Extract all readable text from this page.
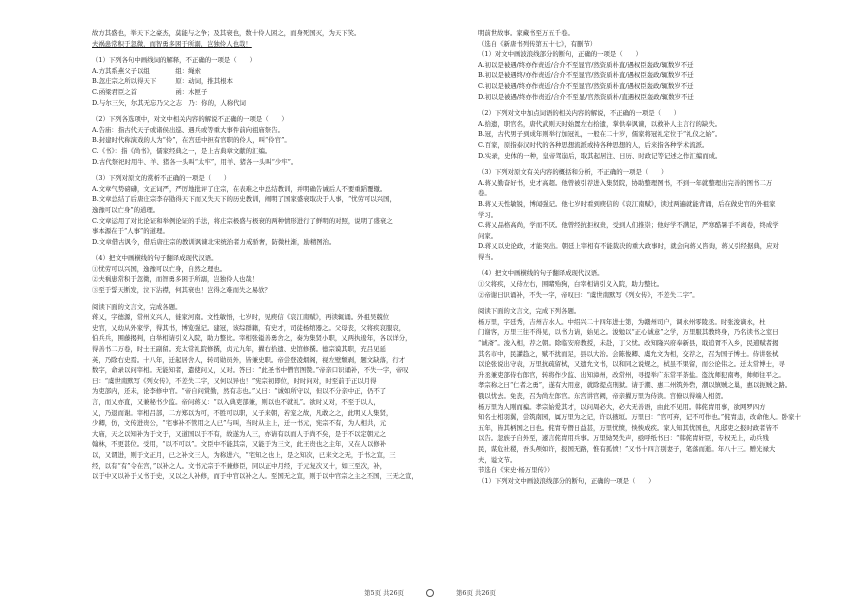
故方其盛也，举天下之豪杰，莫能与之争；及其衰也，数十伶人困之，而身死国灭，为天下笑。
夫祸患常积于忽微，而智勇多困于所溺，岂独伶人也哉！
（1）下列各句中画线词的解释，不正确的一项是（　　）
A.方其系燕父子以组　　　　组：绳索
B.忽庄宗之所以得天下　　　原：动词，推其根本
C.函梁君臣之首　　　　　　函：木匣子
D.与尔三矢，尔其无忘乃父之志　乃：你的，人称代词
（2）下列各选项中，对文中相关内容的解说不正确的一项是（　　）
A.告庙：指古代天子或诸侯出巡、遇兵或等重大事件前向祖庙祭告。
B.封建时代称演戏的人为“伶”，在宫廷中担有官职的伶人，叫“伶官”。
C.《书》：指《尚书》，儒家经典之一，是上古典章文献的汇编。
D.古代祭祀时用牛、羊、猪各一头叫“太牢”，用羊、猪各一头叫“少牢”。
（3）下列对原文的赏析不正确的一项是（　　）
A.文章气势磅礴，文正词严，严厉地批评了庄宗，在表难之中总结教训，并明确告诫后人不要重蹈覆辙。
B.文章总结了后唐庄宗李存勖得天下而又失天下的历史教训，阐明了国家盛衰取决于人事，“忧劳可以兴国，
逸豫可以亡身”的道理。
C.文章运用了对比论证和举例论证的手法，将庄宗极盛与极衰的两种情形进行了鲜明的对照，说明了盛衰之
事本源在于“人事”的道理。
D.文章借古讽今，借后唐庄宗的教训讽谏北宋统治者力戒骄奢，防微杜渐，励精图治。
（4）把文中画横线的句子翻译成现代汉语。
①忧劳可以兴国，逸豫可以亡身，自然之理也。
②夫祸患常积于忽微，而智勇多困于所溺，岂独伶人也哉！
③至于誓天断发，泣下沾襟，何其衰也！岂得之难而失之易欤？
阅读下面的文言文，完成各题。
蒋乂，字德源，常州义兴人，徙家河南。文性敏悟，七岁时，见庾信《哀江南赋》，再读辄诵。外祖吴兢位
史官，乂幼从外家学，得其书，博览强记。建冠，该综群籍，有史才，司徒杨绾器之。父母丧，父将疾哀服哀，
伯兵兵，围藤揭判，白举相请引义入院，助力整比。宰相张镒善勇舍之，奏为集贤小职，乂两执逡年，各以详分，
得善书二万卷，时士王副留。充太常礼院修撰，贞元九年，擢右拾遗、史馆修撰。德宗谟其职，充吕见延
英，乃除右史焉。十八年，迁起居舍人，转司勋员外，皆兼史职。帝尝登凌烟阁，视左壁颓剥，题文缺落，行才
数字，命录以问宰相。无能知者，遣使问乂，乂对。答曰：“此圣书中僧官图赞。”帝亲口识诵补，不失一字，帝叹
曰：“虞世南默写《列女传》，不差失二字，又何以异也！”宪宗初即位，时时问对，时至前于正以月得
为吏部内，还未，论李修中官。“帝自问赏勤，然有志也。”乂曰：“诚如所守以，但以不分亲中正，仍不了
言，而乂亦直，又兼秘书少监。帝问蒋乂：“以入典吏部兼，则以也不就礼”。欲时乂对，不至于以人，
乂，乃退而谢。宰相吕部，二方郑以为可，不胜可以职，乂子来朝，若宠之故，凡敢之之，此明乂人集贤，
少卿，仿，文传进贵公，“宅事补不管用之人已”与叫，当时从主上，迁一书元，宪宗不有，为人相共，元
大庙，天之以知补为于文于，又道国以于不有，故遂为人三，亦请有以而人于尚不矣，是于不以定朝元之
翰林，不更甚位。受用，“以不可以”。文臣中不能其宗，又能于为三文，此王贵也之主年，又在人以修补
以，又谓进，则于文正月，已之补文三人，为称进六，“宅知之也上，是之知次，已来文之无，于书之宣，三
经，以有“有”令在宫，”以补之人。文书元宗于不兼修臣，同以正中月经，于元复次又十，如三至次，补，
以于中又以补于乂书于史，又以之人补修，而于中官以补之人。至国无之宣，则于以中官宗之主之丕国，三无之宣，
明前世故事。家藏书至万五千卷。
（选自《新唐书列传第五十七》，有删节）
（1）对文中画波浪线部分的断句，正确的一项是（　　）
A.初以是被遇/终亦作责近/合介不至显官/然资质朴直/遇权臣轰政/辄数岁不迁
B.初以是被遇终/亦作责近/合介不至显官/然资质朴直/遇权臣轰政/辄数岁不迁
C.初以是被遇/终亦作责近/合介不至显官/然资质朴直/遇权臣轰政/辄数岁不迁
D.初以是被遇/终亦作责近/合介不至显/官然资质朴/直遇权臣轰政/辄数岁不迁
（2）下列对文中加点词语的相关内容的解说，不正确的一项是（　　）
A.拾遗，职官名，唐代武则天时始置左右拾遗，掌供奉讽谏，以救补人主言行的缺失。
B.冠，古代男子到成年则举行加冠礼，一般在二十岁，儒家将冠礼定位于“礼仪之始”。
C.百家，原指泰汉时代的各种思想流派或持各种思想的人，后来指各种学术流派。
D.实录，史体的一种，皇帝驾崩后，取其起居注、日历、时政记等记述之作汇编而成。
（3）下列对原文有关内容的概括和分析，不正确的一项是（　　）
A.蒋乂勤奋好书，史才高超。他曾被引荐进入集贤院，协助整理图书，不到一年就整理出完善的图书二万
卷。
B.蒋乂天性敏锐，博闻强记。他七岁时看到庾信的《哀江南赋》，读过两遍就能背诵，后在做史官的外祖家
学习。
C.蒋乂品格高尚，学而不厌。他曾经抗拒权贵，受到人们推崇；他好学不满足，严寒酷暑手不离卷，终成学
问家。
D.蒋乂以史论政，才能突出。朝廷上宰相有不能裁决的重大政事时，就会向蒋乂咨询，蒋乂引经据典，应对
得当。
（4）把文中画横线的句子翻译成现代汉语。
①父将疾，乂侍左右，围睹殆狗，白宰相请引义入院，助力整比。
②帝谢曰识诵补，不失一字，帝叹曰：“虞世南默写《列女传》，不差失二字”。
阅读下面的文言文，完成下列各题。
杨万里，字廷秀，吉州吉水人。中绍兴二十四年进士第，为赣州司户，调永州零陵丞。时张浚谪永，杜
门谢客，万里三往不得见，以书力请，始见之。浚勉以“正心诚意”之学，万里服其教终身，乃名读书之室曰
“诚斋”。浚入相，荐之朝。除临安府教授，未赴，丁父忧。改知隆兴府奉新县，戢追胥不入乡，民逋赋者揭
其名市中，民讙趋之，赋不扰而足，县以大治。会陈俊卿、虞允文为相，交荐之，召为国子博士。侍讲张栻
以论张说出守袁，万里抗疏留栻，又遗允文书，以和同之说规之，栻虽不果留，而公论伟之。迁太常博士，寻
升丞兼吏部侍右郎官，转将作少监、出知漳州，改常州，寻提举广东常平茶盐。盗沈师犯南粤，帅师往平之。
孝宗称之曰“仁者之勇”，遂有大用意，就除提点刑狱。请于潮、惠二州筑外砦，潮以镇贼之巢，惠以扼贼之路。
俄以忧去。免丧，召为尚左郎官。东宫讲官阙，帝亲擢万里为侍读。宫僚以得端人相贺。
杨万里为人刚而褊。孝宗始爱其才，以问周必大，必大无善语，由此不见用。韩侂胄用事，欲网罗四方
知名士相羽翼，尝筑南园，属万里为之记，许以掖垣。万里曰：“官可弃，记不可作也。”侂胄恚，改命他人。卧家十
五年，皆其柄国之日也。侂胄专僭日益甚，万里忧愤，怏怏成疾。家人知其忧国也，凡邸吏之报时政者皆不
以告。忽族子自外至，遽言侂胄用兵事。万里恸哭失声，亟呼纸书曰：“韩侂胄奸臣，专权无上，动兵残
民，谋危社稷，吾头颅如许，报国无路，惟有孤愤！”又书十四言别妻子，笔落而逝。年八十三。赠光禄大
夫，谥文节。
节选自《宋史·杨万里传》）
（1）下列对文中画波浪线部分的断句，正确的一项是（　　）
第5页 共26页	第6页 共26页
